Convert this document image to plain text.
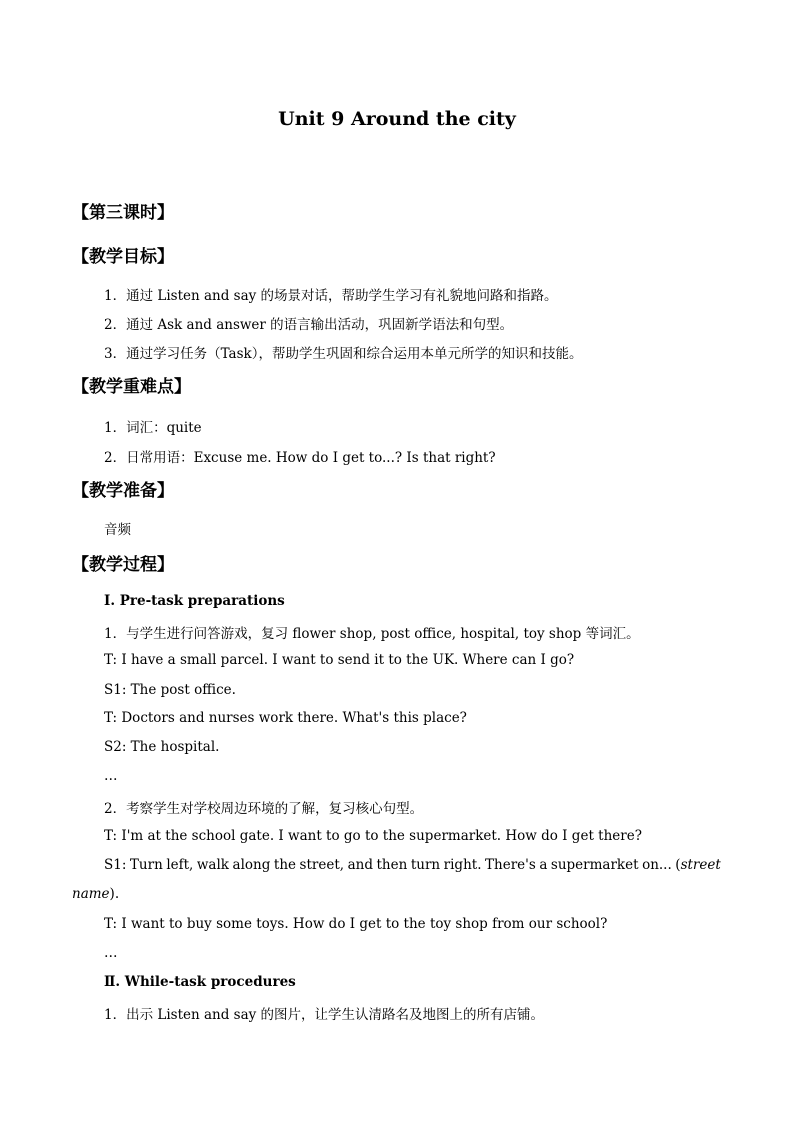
Unit 9 Around the city
【第三课时】
【教学目标】
1．通过 Listen and say 的场景对话，帮助学生学习有礼貌地问路和指路。
2．通过 Ask and answer 的语言输出活动，巩固新学语法和句型。
3．通过学习任务（Task），帮助学生巩固和综合运用本单元所学的知识和技能。
【教学重难点】
1．词汇：quite
2．日常用语：Excuse me. How do I get to...? Is that right?
【教学准备】
音频
【教学过程】
Ⅰ. Pre-task preparations
1．与学生进行问答游戏，复习 flower shop, post office, hospital, toy shop 等词汇。
T: I have a small parcel. I want to send it to the UK. Where can I go?
S1: The post office.
T: Doctors and nurses work there. What's this place?
S2: The hospital.
…
2．考察学生对学校周边环境的了解，复习核心句型。
T: I'm at the school gate. I want to go to the supermarket. How do I get there?
S1: Turn left, walk along the street, and then turn right. There's a supermarket on... (street
name).
T: I want to buy some toys. How do I get to the toy shop from our school?
…
Ⅱ. While-task procedures
1．出示 Listen and say 的图片，让学生认清路名及地图上的所有店铺。
